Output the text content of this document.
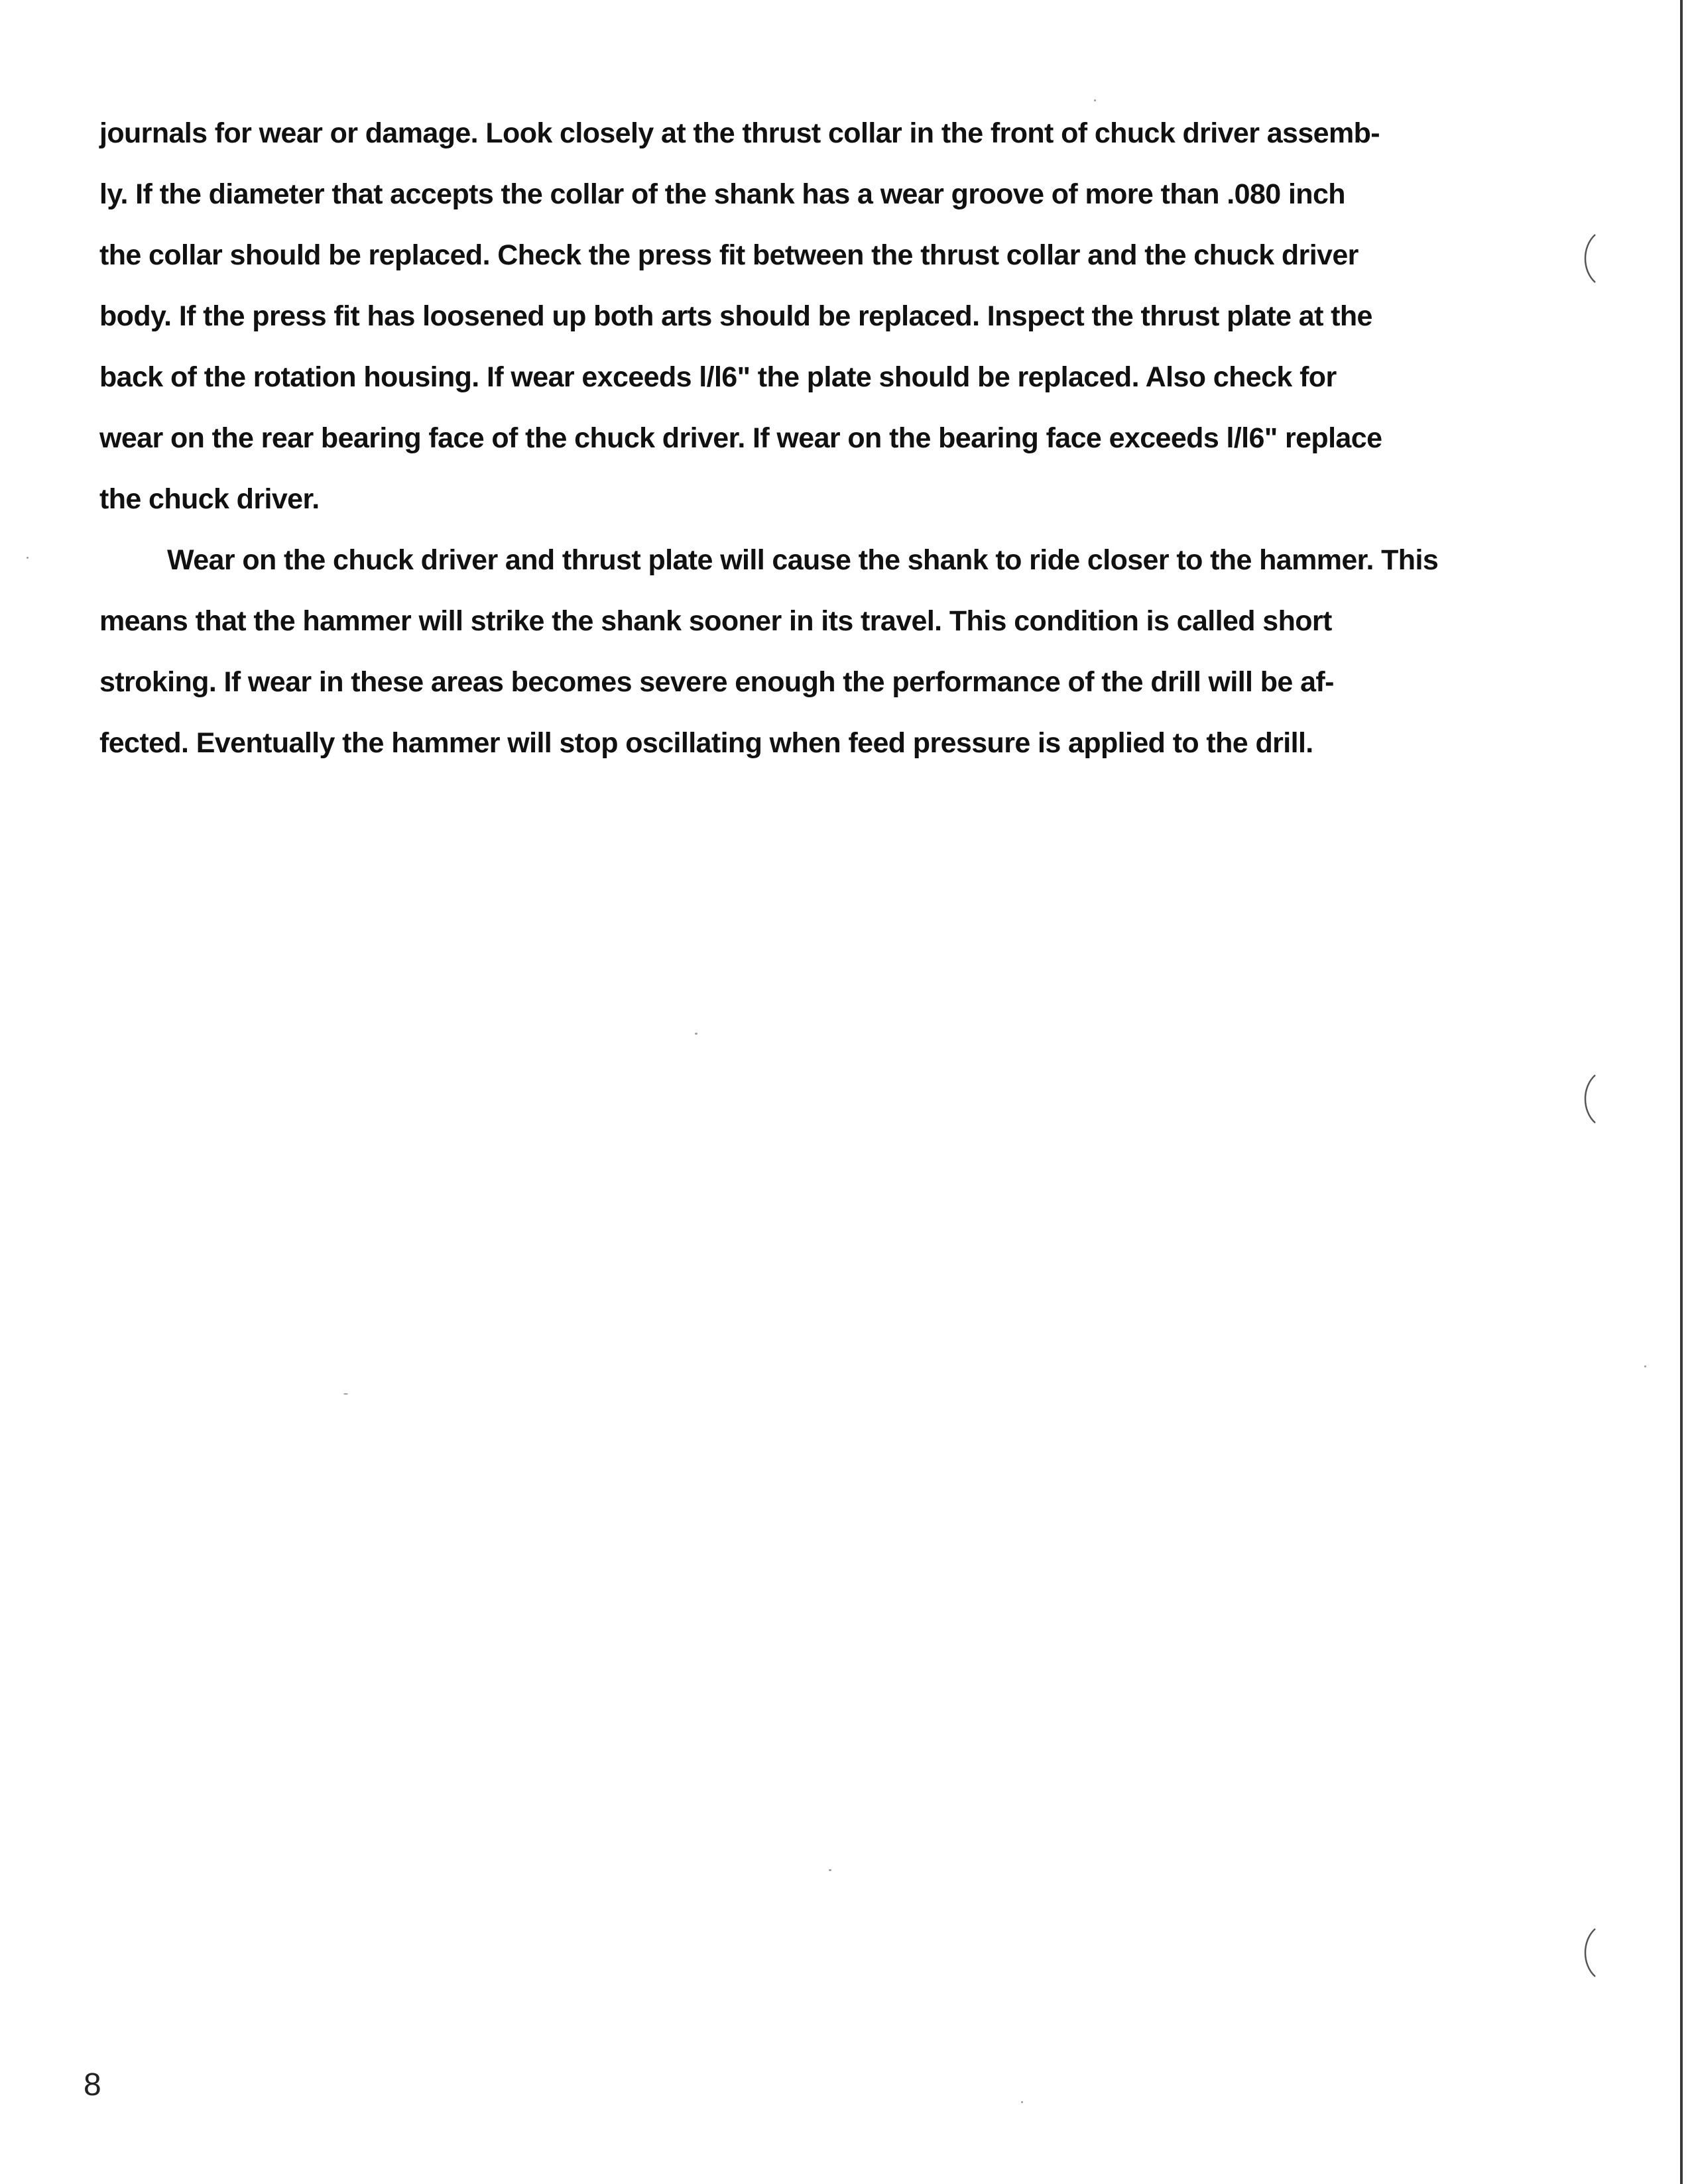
journals for wear or damage. Look closely at the thrust collar in the front of chuck driver assemb-
ly. If the diameter that accepts the collar of the shank has a wear groove of more than .080 inch
the collar should be replaced. Check the press fit between the thrust collar and the chuck driver
body. If the press fit has loosened up both arts should be replaced. Inspect the thrust plate at the
back of the rotation housing. If wear exceeds l/l6" the plate should be replaced. Also check for
wear on the rear bearing face of the chuck driver. If wear on the bearing face exceeds l/l6" replace
the chuck driver.
Wear on the chuck driver and thrust plate will cause the shank to ride closer to the hammer. This
means that the hammer will strike the shank sooner in its travel. This condition is called short
stroking. If wear in these areas becomes severe enough the performance of the drill will be af-
fected. Eventually the hammer will stop oscillating when feed pressure is applied to the drill.
8
